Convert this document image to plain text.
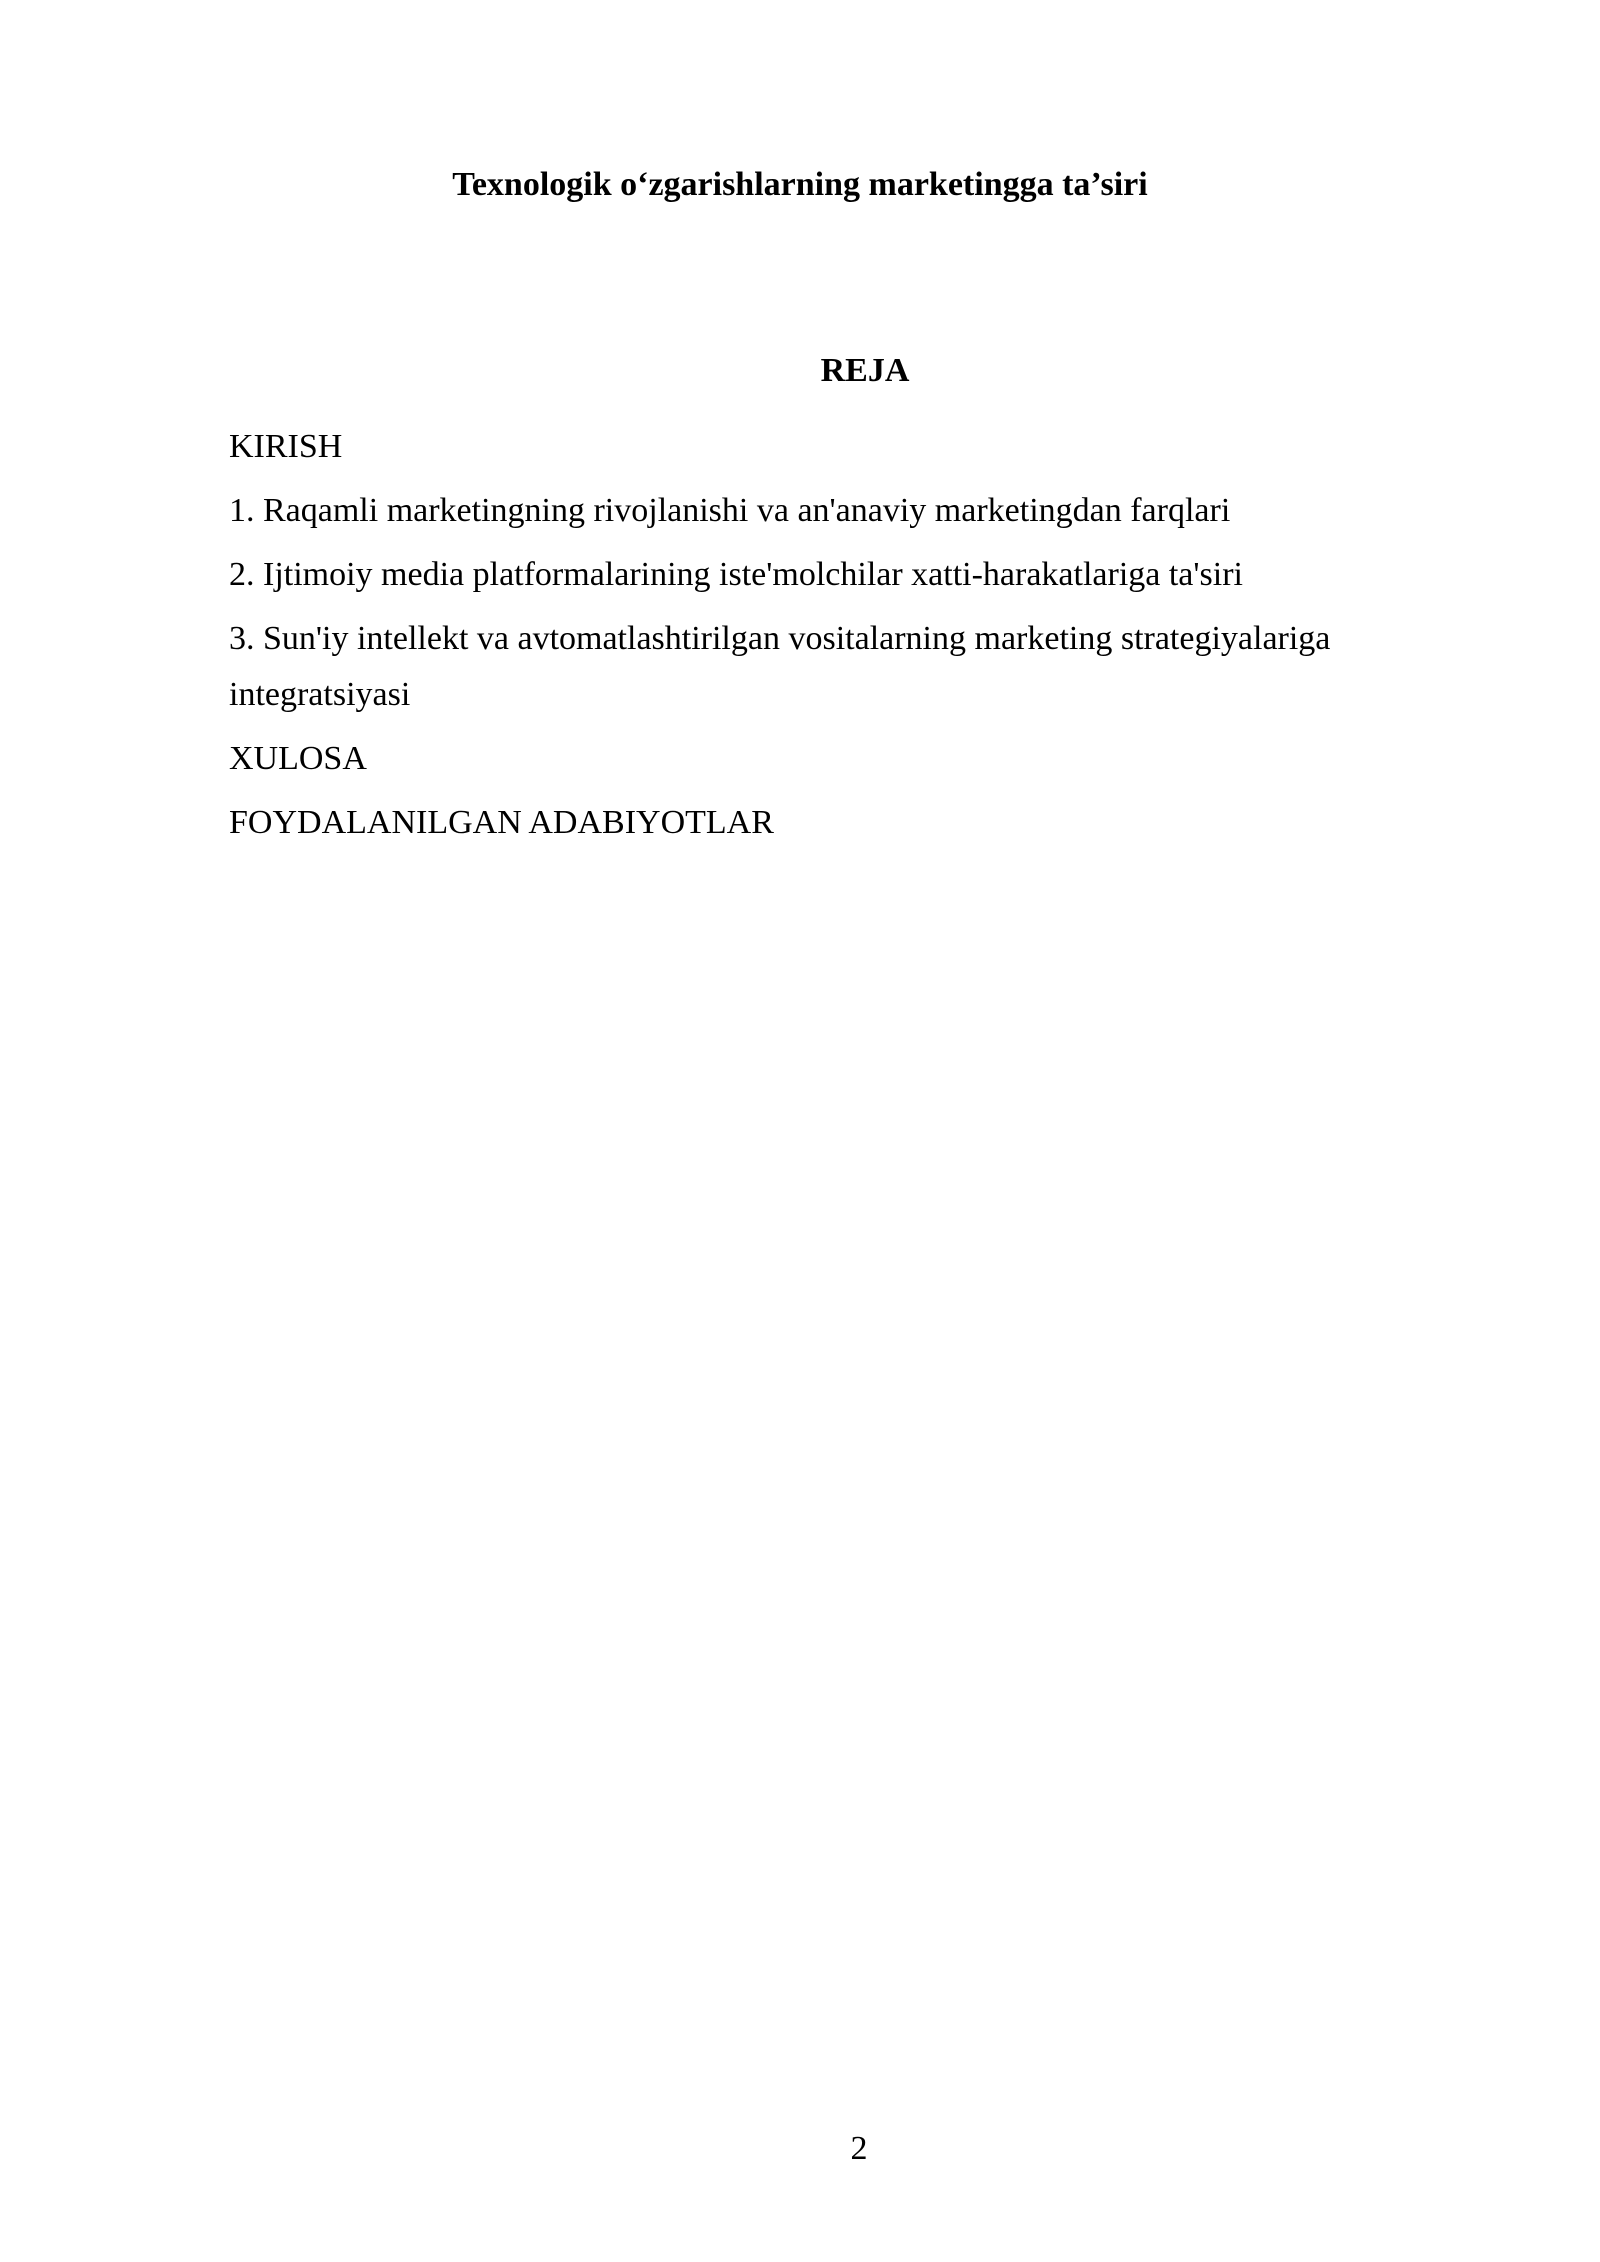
Texnologik o‘zgarishlarning marketingga ta’siri
REJA
KIRISH
1. Raqamli marketingning rivojlanishi va an'anaviy marketingdan farqlari
2. Ijtimoiy media platformalarining iste'molchilar xatti-harakatlariga ta'siri
3. Sun'iy intellekt va avtomatlashtirilgan vositalarning marketing strategiyalariga integratsiyasi
XULOSA
FOYDALANILGAN ADABIYOTLAR
2
